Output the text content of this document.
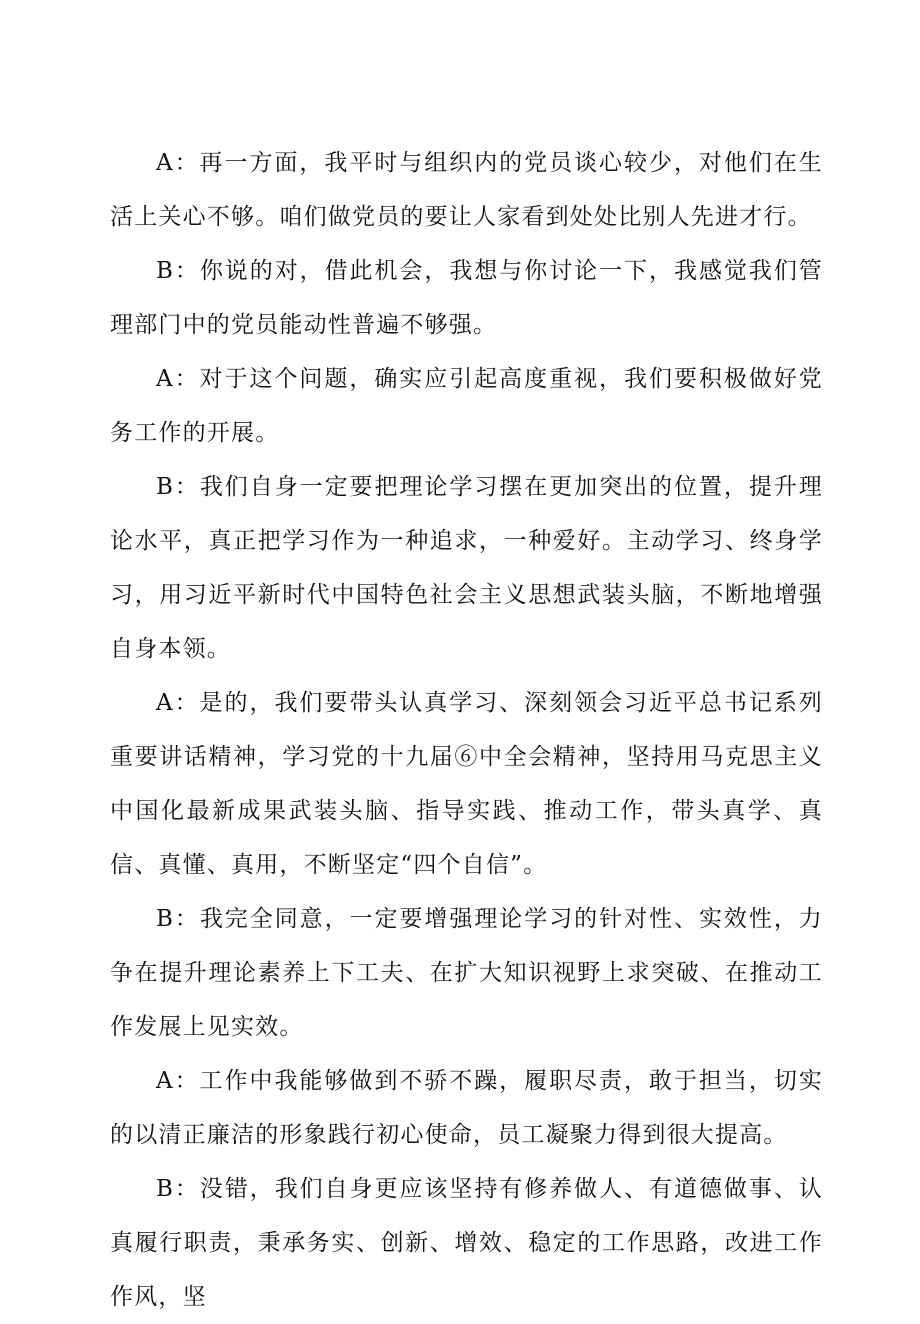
A：再一方面，我平时与组织内的党员谈心较少，对他们在生活上关心不够。咱们做党员的要让人家看到处处比别人先进才行。

B：你说的对，借此机会，我想与你讨论一下，我感觉我们管理部门中的党员能动性普遍不够强。

A：对于这个问题，确实应引起高度重视，我们要积极做好党务工作的开展。

B：我们自身一定要把理论学习摆在更加突出的位置，提升理论水平，真正把学习作为一种追求，一种爱好。主动学习、终身学习，用习近平新时代中国特色社会主义思想武装头脑，不断地增强自身本领。

A：是的，我们要带头认真学习、深刻领会习近平总书记系列重要讲话精神，学习党的十九届⑥中全会精神，坚持用马克思主义中国化最新成果武装头脑、指导实践、推动工作，带头真学、真信、真懂、真用，不断坚定“四个自信”。

B：我完全同意，一定要增强理论学习的针对性、实效性，力争在提升理论素养上下工夫、在扩大知识视野上求突破、在推动工作发展上见实效。

A：工作中我能够做到不骄不躁，履职尽责，敢于担当，切实的以清正廉洁的形象践行初心使命，员工凝聚力得到很大提高。

B：没错，我们自身更应该坚持有修养做人、有道德做事、认真履行职责，秉承务实、创新、增效、稳定的工作思路，改进工作作风，坚
